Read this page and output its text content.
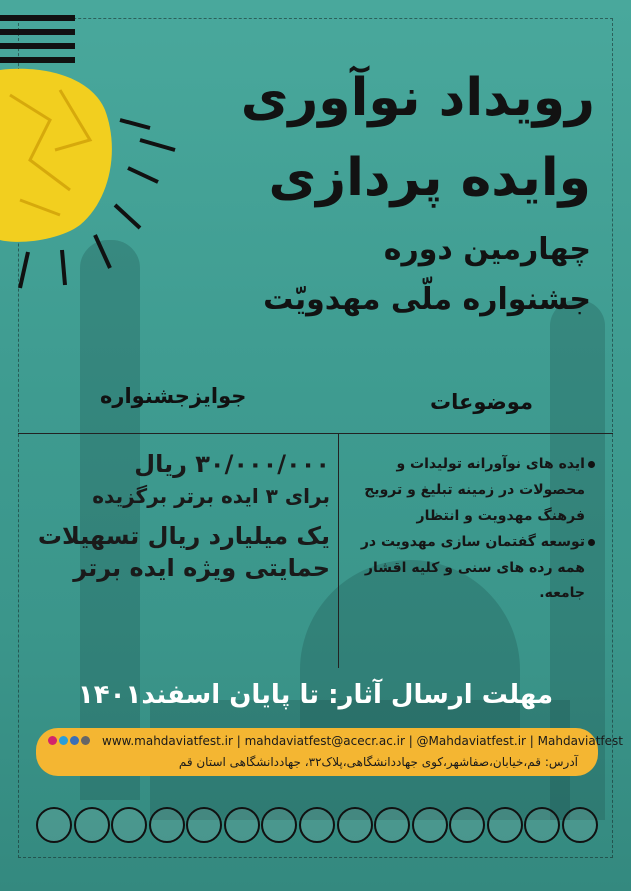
رویداد نوآوری
وایده پردازی
چهارمین دوره
جشنواره ملّی مهدویّت
جوایزجشنواره	موضوعات
۳۰/۰۰۰/۰۰۰ ریال
برای ۳ ایده برتر برگزیده
یک میلیارد ریال تسهیلات حمایتی ویژه ایده برتر
ایده های نوآورانه تولیدات و محصولات در زمینه تبلیغ و ترویج فرهنگ مهدویت و انتظار
توسعه گفتمان سازی مهدویت در همه رده های سنی و کلیه اقشار جامعه.
مهلت ارسال آثار: تا پایان اسفند۱۴۰۱
www.mahdaviatfest.ir | mahdaviatfest@acecr.ac.ir | @Mahdaviatfest.ir | Mahdaviatfest
آدرس: قم،خیابان،صفاشهر،کوی جهاددانشگاهی،پلاک۳۲، جهاددانشگاهی استان قم
